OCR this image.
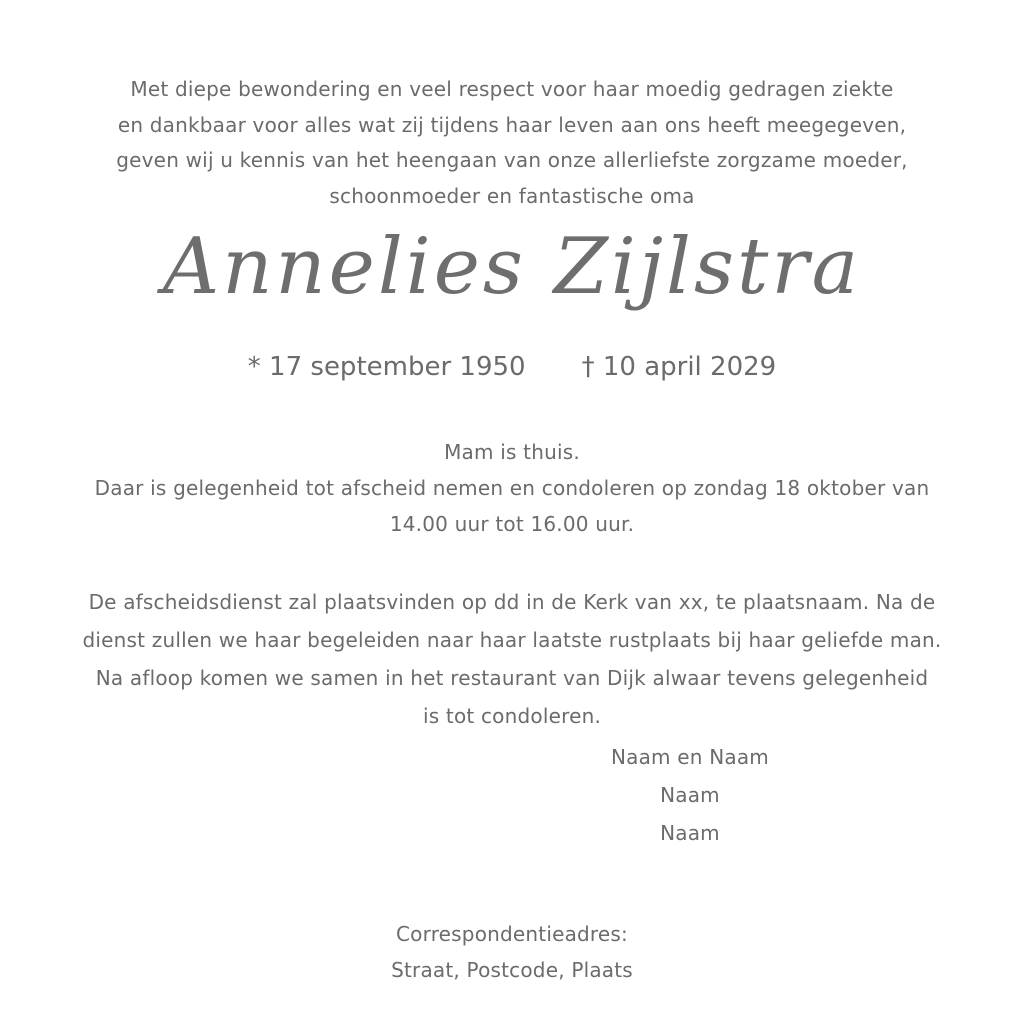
Met diepe bewondering en veel respect voor haar moedig gedragen ziekte
en dankbaar voor alles wat zij tijdens haar leven aan ons heeft meegegeven,
geven wij u kennis van het heengaan van onze allerliefste zorgzame moeder,
schoonmoeder en fantastische oma
Annelies Zijlstra
* 17 september 1950 † 10 april 2029
Mam is thuis.
Daar is gelegenheid tot afscheid nemen en condoleren op zondag 18 oktober van
14.00 uur tot 16.00 uur.
De afscheidsdienst zal plaatsvinden op dd in de Kerk van xx, te plaatsnaam. Na de
dienst zullen we haar begeleiden naar haar laatste rustplaats bij haar geliefde man.
Na afloop komen we samen in het restaurant van Dijk alwaar tevens gelegenheid
is tot condoleren.
Naam en Naam
Naam
Naam
Correspondentieadres:
Straat, Postcode, Plaats
